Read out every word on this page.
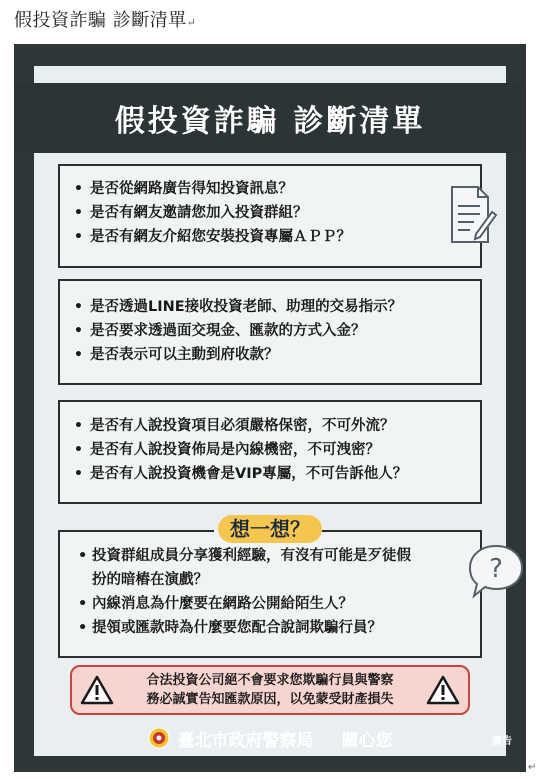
假投資詐騙 診斷清單↵
假投資詐騙 診斷清單
• 是否從網路廣告得知投資訊息？
• 是否有網友邀請您加入投資群組？
• 是否有網友介紹您安裝投資專屬ＡＰＰ？
• 是否透過LINE接收投資老師、助理的交易指示？
• 是否要求透過面交現金、匯款的方式入金？
• 是否表示可以主動到府收款？
• 是否有人說投資項目必須嚴格保密，不可外流？
• 是否有人說投資佈局是內線機密，不可洩密？
• 是否有人說投資機會是VIP專屬，不可告訴他人？
• 投資群組成員分享獲利經驗，有沒有可能是歹徒假扮的暗樁在演戲？
• 內線消息為什麼要在網路公開給陌生人？
• 提領或匯款時為什麼要您配合說詞欺騙行員？
想一想？
?
合法投資公司絕不會要求您欺騙行員與警察
務必誠實告知匯款原因，以免蒙受財產損失
臺北市政府警察局 關心您	廣告
↵
